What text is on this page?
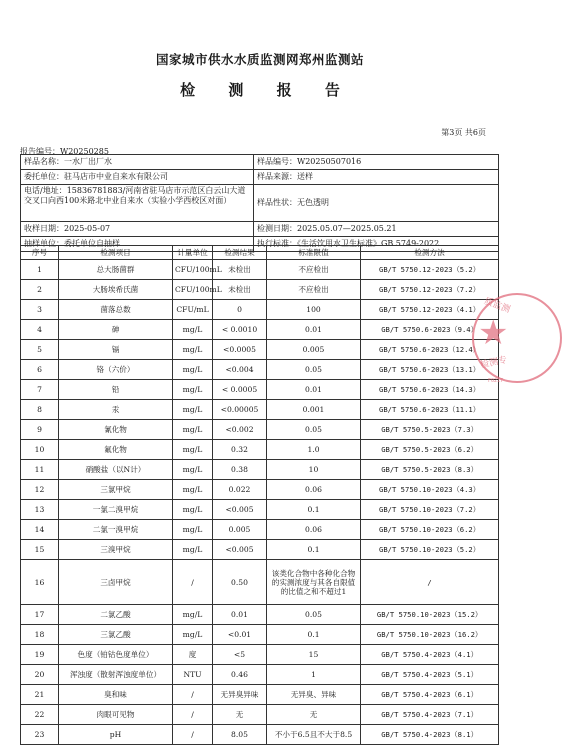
国家城市供水水质监测网郑州监测站
检 测 报 告
第3页 共6页
报告编号：W20250285
样品名称：一水厂出厂水	样品编号：W20250507016
委托单位：驻马店市中业自来水有限公司	样品来源：送样
电话/地址：15836781883/河南省驻马店市示范区白云山大道交叉口向西100米路北中业自来水（实验小学西校区对面）	样品性状：无色透明
收样日期：2025-05-07	检测日期：2025.05.07—2025.05.21
抽样单位：委托单位自抽样	执行标准：《生活饮用水卫生标准》GB 5749-2022
序号	检测项目	计量单位	检测结果	标准限值	检测方法
1	总大肠菌群	CFU/100mL	未检出	不应检出	GB/T 5750.12-2023（5.2）
2	大肠埃希氏菌	CFU/100mL	未检出	不应检出	GB/T 5750.12-2023（7.2）
3	菌落总数	CFU/mL	0	100	GB/T 5750.12-2023（4.1）
4	砷	mg/L	< 0.0010	0.01	GB/T 5750.6-2023（9.4）
5	镉	mg/L	<0.0005	0.005	GB/T 5750.6-2023（12.4）
6	铬（六价）	mg/L	<0.004	0.05	GB/T 5750.6-2023（13.1）
7	铅	mg/L	< 0.0005	0.01	GB/T 5750.6-2023（14.3）
8	汞	mg/L	<0.00005	0.001	GB/T 5750.6-2023（11.1）
9	氰化物	mg/L	<0.002	0.05	GB/T 5750.5-2023（7.3）
10	氟化物	mg/L	0.32	1.0	GB/T 5750.5-2023（6.2）
11	硝酸盐（以N计）	mg/L	0.38	10	GB/T 5750.5-2023（8.3）
12	三氯甲烷	mg/L	0.022	0.06	GB/T 5750.10-2023（4.3）
13	一氯二溴甲烷	mg/L	<0.005	0.1	GB/T 5750.10-2023（7.2）
14	二氯一溴甲烷	mg/L	0.005	0.06	GB/T 5750.10-2023（6.2）
15	三溴甲烷	mg/L	<0.005	0.1	GB/T 5750.10-2023（5.2）
16	三卤甲烷	/	0.50	该类化合物中各种化合物的实测浓度与其各自限值的比值之和不超过1	/
17	二氯乙酸	mg/L	0.01	0.05	GB/T 5750.10-2023（15.2）
18	三氯乙酸	mg/L	<0.01	0.1	GB/T 5750.10-2023（16.2）
19	色度（铂钴色度单位）	度	<5	15	GB/T 5750.4-2023（4.1）
20	浑浊度（散射浑浊度单位）	NTU	0.46	1	GB/T 5750.4-2023（5.1）
21	臭和味	/	无异臭异味	无异臭、异味	GB/T 5750.4-2023（6.1）
22	肉眼可见物	/	无	无	GB/T 5750.4-2023（7.1）
23	pH	/	8.05	不小于6.5且不大于8.5	GB/T 5750.4-2023（8.1）
★
质监测
检测专
F0217
